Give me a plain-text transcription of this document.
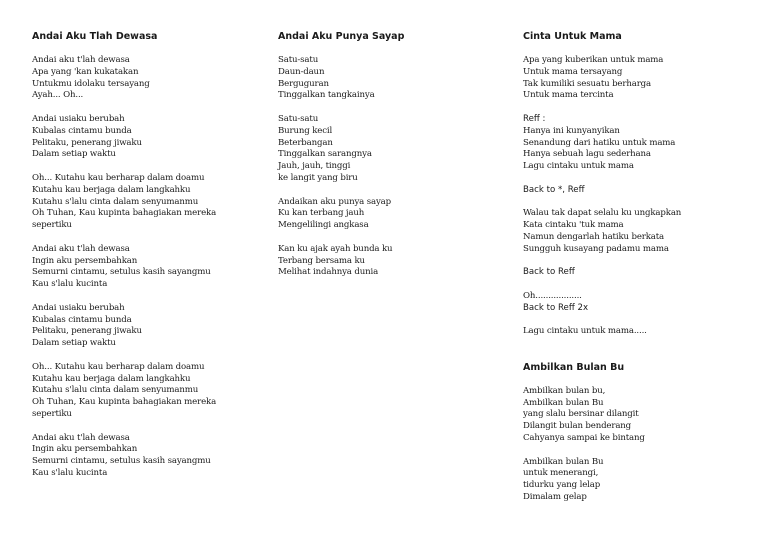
Andai Aku Tlah Dewasa
Andai aku t'lah dewasa
Apa yang 'kan kukatakan
Untukmu idolaku tersayang
Ayah... Oh...
Andai usiaku berubah
Kubalas cintamu bunda
Pelitaku, penerang jiwaku
Dalam setiap waktu
Oh... Kutahu kau berharap dalam doamu
Kutahu kau berjaga dalam langkahku
Kutahu s'lalu cinta dalam senyumanmu
Oh Tuhan, Kau kupinta bahagiakan mereka
sepertiku
Andai aku t'lah dewasa
Ingin aku persembahkan
Semurni cintamu, setulus kasih sayangmu
Kau s'lalu kucinta
Andai usiaku berubah
Kubalas cintamu bunda
Pelitaku, penerang jiwaku
Dalam setiap waktu
Oh... Kutahu kau berharap dalam doamu
Kutahu kau berjaga dalam langkahku
Kutahu s'lalu cinta dalam senyumanmu
Oh Tuhan, Kau kupinta bahagiakan mereka
sepertiku
Andai aku t'lah dewasa
Ingin aku persembahkan
Semurni cintamu, setulus kasih sayangmu
Kau s'lalu kucinta
Andai Aku Punya Sayap
Satu-satu
Daun-daun
Berguguran
Tinggalkan tangkainya
Satu-satu
Burung kecil
Beterbangan
Tinggalkan sarangnya
Jauh, jauh, tinggi
ke langit yang biru
Andaikan aku punya sayap
Ku kan terbang jauh
Mengelilingi angkasa
Kan ku ajak ayah bunda ku
Terbang bersama ku
Melihat indahnya dunia
Cinta Untuk Mama
Apa yang kuberikan untuk mama
Untuk mama tersayang
Tak kumiliki sesuatu berharga
Untuk mama tercinta
Reff :
Hanya ini kunyanyikan
Senandung dari hatiku untuk mama
Hanya sebuah lagu sederhana
Lagu cintaku untuk mama
Back to *, Reff
Walau tak dapat selalu ku ungkapkan
Kata cintaku 'tuk mama
Namun dengarlah hatiku berkata
Sungguh kusayang padamu mama
Back to Reff
Oh..................
Back to Reff 2x
Lagu cintaku untuk mama.....
Ambilkan Bulan Bu
Ambilkan bulan bu,
Ambilkan bulan Bu
yang slalu bersinar dilangit
Dilangit bulan benderang
Cahyanya sampai ke bintang
Ambilkan bulan Bu
untuk menerangi,
tidurku yang lelap
Dimalam gelap
